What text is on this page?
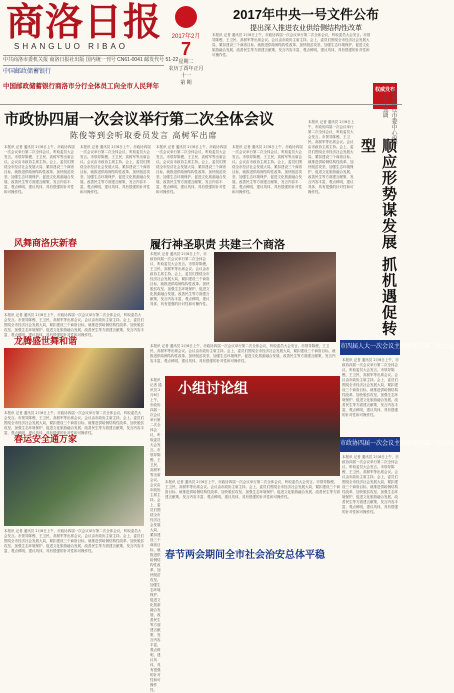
商洛日报
SHANGLUO RIBAO
中共商洛市委机关报 商洛日报社出版 国内统一刊号 CN61-0041 邮发代号 51-22
中国邮政储蓄银行
中国邮政储蓄银行商洛市分行全体员工向全市人民拜年
2017年2月
7
星期二
农历丁酉年正月十一
第 期
2017年中央一号文件公布
提出深入推进农业供给侧结构性改革
本报讯 记者 通讯员 2月6日上午，市政协四届一次会议举行第二次全体会议，听取委员大会发言。市领导陈俊、王卫民、高树军等出席会议。会议由市政协主席主持。会上，委员们围绕全市经济社会发展大局，紧扣建设三个商洛目标，就推进供给侧结构性改革、加快脱贫攻坚、加强生态环境保护、促进文化旅游融合发展、改善民生等方面建言献策，发言内容丰富，观点鲜明，建议具体，具有很强的针对性和可操作性。
权威发布
市政协四届一次会议举行第二次全体会议
陈俊等到会听取委员发言 高树军出席
本报讯 记者 通讯员 2月6日上午，市政协四届一次会议举行第二次全体会议，听取委员大会发言。市领导陈俊、王卫民、高树军等出席会议。会议由市政协主席主持。会上，委员们围绕全市经济社会发展大局，紧扣建设三个商洛目标，就推进供给侧结构性改革、加快脱贫攻坚、加强生态环境保护、促进文化旅游融合发展、改善民生等方面建言献策，发言内容丰富，观点鲜明，建议具体，具有很强的针对性和可操作性。
本报讯 记者 通讯员 2月6日上午，市政协四届一次会议举行第二次全体会议，听取委员大会发言。市领导陈俊、王卫民、高树军等出席会议。会议由市政协主席主持。会上，委员们围绕全市经济社会发展大局，紧扣建设三个商洛目标，就推进供给侧结构性改革、加快脱贫攻坚、加强生态环境保护、促进文化旅游融合发展、改善民生等方面建言献策，发言内容丰富，观点鲜明，建议具体，具有很强的针对性和可操作性。
本报讯 记者 通讯员 2月6日上午，市政协四届一次会议举行第二次全体会议，听取委员大会发言。市领导陈俊、王卫民、高树军等出席会议。会议由市政协主席主持。会上，委员们围绕全市经济社会发展大局，紧扣建设三个商洛目标，就推进供给侧结构性改革、加快脱贫攻坚、加强生态环境保护、促进文化旅游融合发展、改善民生等方面建言献策，发言内容丰富，观点鲜明，建议具体，具有很强的针对性和可操作性。
本报讯 记者 通讯员 2月6日上午，市政协四届一次会议举行第二次全体会议，听取委员大会发言。市领导陈俊、王卫民、高树军等出席会议。会议由市政协主席主持。会上，委员们围绕全市经济社会发展大局，紧扣建设三个商洛目标，就推进供给侧结构性改革、加快脱贫攻坚、加强生态环境保护、促进文化旅游融合发展、改善民生等方面建言献策，发言内容丰富，观点鲜明，建议具体，具有很强的针对性和可操作性。
本报讯 记者 通讯员 2月6日上午，市政协四届一次会议举行第二次全体会议，听取委员大会发言。市领导陈俊、王卫民、高树军等出席会议。会议由市政协主席主持。会上，委员们围绕全市经济社会发展大局，紧扣建设三个商洛目标，就推进供给侧结构性改革、加快脱贫攻坚、加强生态环境保护、促进文化旅游融合发展、改善民生等方面建言献策，发言内容丰富，观点鲜明，建议具体，具有很强的针对性和可操作性。
何毅虎在市委中心组学习会上强调
顺应形势谋发展 抓机遇促转型
风舞商洛庆新春
本报讯 记者 通讯员 2月6日上午，市政协四届一次会议举行第二次全体会议，听取委员大会发言。市领导陈俊、王卫民、高树军等出席会议。会议由市政协主席主持。会上，委员们围绕全市经济社会发展大局，紧扣建设三个商洛目标，就推进供给侧结构性改革、加快脱贫攻坚、加强生态环境保护、促进文化旅游融合发展、改善民生等方面建言献策，发言内容丰富，观点鲜明，建议具体，具有很强的针对性和可操作性。
龙腾盛世舞和谐
本报讯 记者 通讯员 2月6日上午，市政协四届一次会议举行第二次全体会议，听取委员大会发言。市领导陈俊、王卫民、高树军等出席会议。会议由市政协主席主持。会上，委员们围绕全市经济社会发展大局，紧扣建设三个商洛目标，就推进供给侧结构性改革、加快脱贫攻坚、加强生态环境保护、促进文化旅游融合发展、改善民生等方面建言献策，发言内容丰富，观点鲜明，建议具体，具有很强的针对性和可操作性。
春运安全通万家
本报讯 记者 通讯员 2月6日上午，市政协四届一次会议举行第二次全体会议，听取委员大会发言。市领导陈俊、王卫民、高树军等出席会议。会议由市政协主席主持。会上，委员们围绕全市经济社会发展大局，紧扣建设三个商洛目标，就推进供给侧结构性改革、加快脱贫攻坚、加强生态环境保护、促进文化旅游融合发展、改善民生等方面建言献策，发言内容丰富，观点鲜明，建议具体，具有很强的针对性和可操作性。
履行神圣职责 共建三个商洛
本报讯 记者 通讯员 2月6日上午，市政协四届一次会议举行第二次全体会议，听取委员大会发言。市领导陈俊、王卫民、高树军等出席会议。会议由市政协主席主持。会上，委员们围绕全市经济社会发展大局，紧扣建设三个商洛目标，就推进供给侧结构性改革、加快脱贫攻坚、加强生态环境保护、促进文化旅游融合发展、改善民生等方面建言献策，发言内容丰富，观点鲜明，建议具体，具有很强的针对性和可操作性。
本报讯 记者 通讯员 2月6日上午，市政协四届一次会议举行第二次全体会议，听取委员大会发言。市领导陈俊、王卫民、高树军等出席会议。会议由市政协主席主持。会上，委员们围绕全市经济社会发展大局，紧扣建设三个商洛目标，就推进供给侧结构性改革、加快脱贫攻坚、加强生态环境保护、促进文化旅游融合发展、改善民生等方面建言献策，发言内容丰富，观点鲜明，建议具体，具有很强的针对性和可操作性。
小组讨论组
本报讯 记者 通讯员 2月6日上午，市政协四届一次会议举行第二次全体会议，听取委员大会发言。市领导陈俊、王卫民、高树军等出席会议。会议由市政协主席主持。会上，委员们围绕全市经济社会发展大局，紧扣建设三个商洛目标，就推进供给侧结构性改革、加快脱贫攻坚、加强生态环境保护、促进文化旅游融合发展、改善民生等方面建言献策，发言内容丰富，观点鲜明，建议具体，具有很强的针对性和可操作性。
本报讯 记者 通讯员 2月6日上午，市政协四届一次会议举行第二次全体会议，听取委员大会发言。市领导陈俊、王卫民、高树军等出席会议。会议由市政协主席主持。会上，委员们围绕全市经济社会发展大局，紧扣建设三个商洛目标，就推进供给侧结构性改革、加快脱贫攻坚、加强生态环境保护、促进文化旅游融合发展、改善民生等方面建言献策，发言内容丰富，观点鲜明，建议具体，具有很强的针对性和可操作性。
市四届人大一次会议主席团举行第二次会议
本报讯 记者 通讯员 2月6日上午，市政协四届一次会议举行第二次全体会议，听取委员大会发言。市领导陈俊、王卫民、高树军等出席会议。会议由市政协主席主持。会上，委员们围绕全市经济社会发展大局，紧扣建设三个商洛目标，就推进供给侧结构性改革、加快脱贫攻坚、加强生态环境保护、促进文化旅游融合发展、改善民生等方面建言献策，发言内容丰富，观点鲜明，建议具体，具有很强的针对性和可操作性。
市政协四届一次会议主席团举行第三次会议
本报讯 记者 通讯员 2月6日上午，市政协四届一次会议举行第二次全体会议，听取委员大会发言。市领导陈俊、王卫民、高树军等出席会议。会议由市政协主席主持。会上，委员们围绕全市经济社会发展大局，紧扣建设三个商洛目标，就推进供给侧结构性改革、加快脱贫攻坚、加强生态环境保护、促进文化旅游融合发展、改善民生等方面建言献策，发言内容丰富，观点鲜明，建议具体，具有很强的针对性和可操作性。
春节两会期间全市社会治安总体平稳
